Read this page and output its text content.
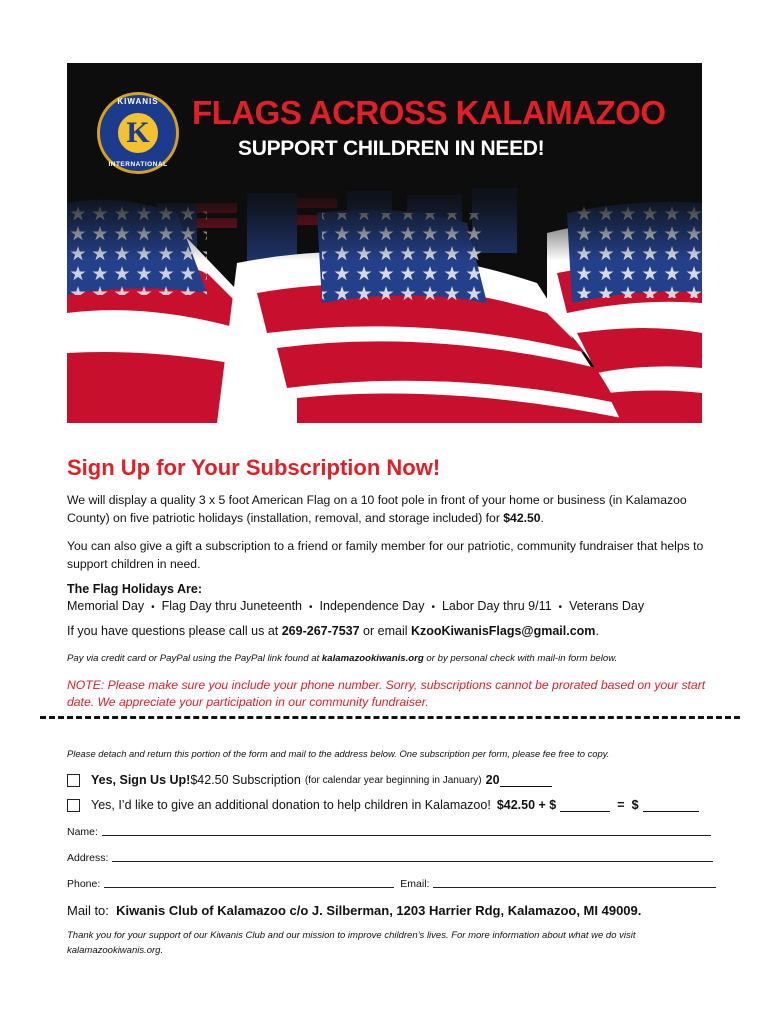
KIWANIS
K
INTERNATIONAL
FLAGS ACROSS KALAMAZOO
SUPPORT CHILDREN IN NEED!
Sign Up for Your Subscription Now!
We will display a quality 3 x 5 foot American Flag on a 10 foot pole in front of your home or business (in Kalamazoo County) on five patriotic holidays (installation, removal, and storage included) for $42.50.
You can also give a gift a subscription to a friend or family member for our patriotic, community fundraiser that helps to support children in need.
The Flag Holidays Are:
Memorial Day • Flag Day thru Juneteenth • Independence Day • Labor Day thru 9/11 • Veterans Day
If you have questions please call us at 269-267-7537 or email KzooKiwanisFlags@gmail.com.
Pay via credit card or PayPal using the PayPal link found at kalamazookiwanis.org or by personal check with mail-in form below.
NOTE: Please make sure you include your phone number. Sorry, subscriptions cannot be prorated based on your start date. We appreciate your participation in our community fundraiser.
Please detach and return this portion of the form and mail to the address below. One subscription per form, please fee free to copy.
Yes, Sign Us Up! $42.50 Subscription (for calendar year beginning in January) 20
Yes, I’d like to give an additional donation to help children in Kalamazoo! $42.50 + $	= $
Name:
Address:
Phone:	Email:
Mail to: Kiwanis Club of Kalamazoo c/o J. Silberman, 1203 Harrier Rdg, Kalamazoo, MI 49009.
Thank you for your support of our Kiwanis Club and our mission to improve children’s lives. For more information about what we do visit kalamazookiwanis.org.
